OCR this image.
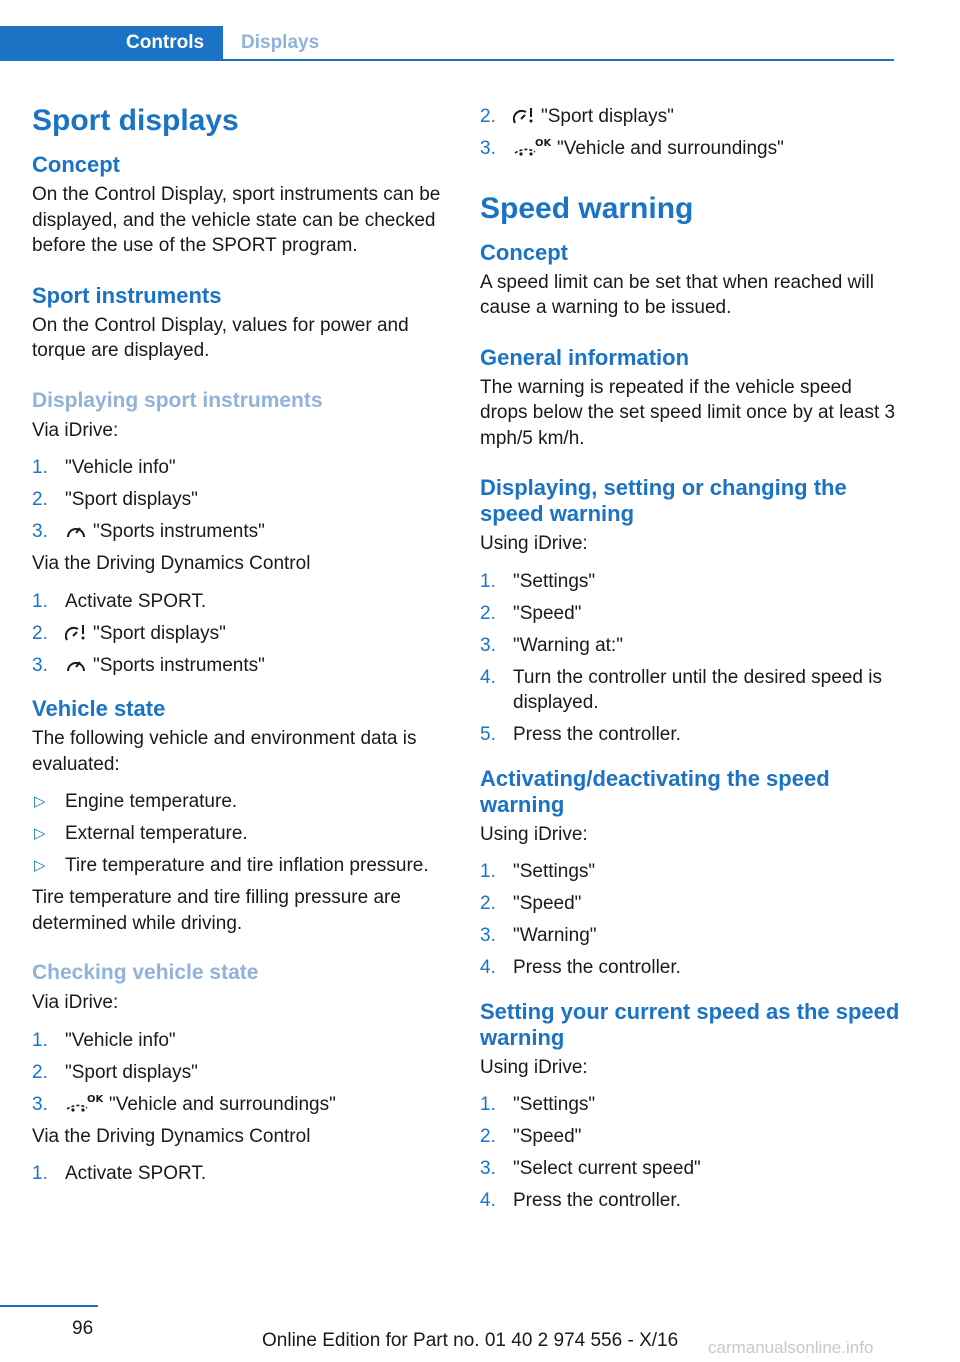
Controls	Displays
Sport displays
Concept

On the Control Display, sport instruments can be displayed, and the vehicle state can be checked before the use of the SPORT program.

Sport instruments

On the Control Display, values for power and torque are displayed.

Displaying sport instruments

Via iDrive:

1. "Vehicle info"
2. "Sport displays"
3. "Sports instruments"

Via the Driving Dynamics Control

1. Activate SPORT.
2. "Sport displays"
3. "Sports instruments"
Vehicle state

The following vehicle and environment data is evaluated:

▷ Engine temperature.
▷ External temperature.
▷ Tire temperature and tire inflation pressure.

Tire temperature and tire filling pressure are determined while driving.

Checking vehicle state

Via iDrive:

1. "Vehicle info"
2. "Sport displays"
3.	OK "Vehicle and surroundings"

Via the Driving Dynamics Control

1. Activate SPORT.
2. "Sport displays"
3.	OK "Vehicle and surroundings"
Speed warning
Concept

A speed limit can be set that when reached will cause a warning to be issued.

General information

The warning is repeated if the vehicle speed drops below the set speed limit once by at least 3 mph/5 km/h.

Displaying, setting or changing the speed warning

Using iDrive:

1. "Settings"
2. "Speed"
3. "Warning at:"
4. Turn the controller until the desired speed is displayed.
5. Press the controller.
Activating/deactivating the speed warning

Using iDrive:

1. "Settings"
2. "Speed"
3. "Warning"
4. Press the controller.
Setting your current speed as the speed warning

Using iDrive:

1. "Settings"
2. "Speed"
3. "Select current speed"
4. Press the controller.
96
Online Edition for Part no. 01 40 2 974 556 - X/16 carmanualsonline.info
